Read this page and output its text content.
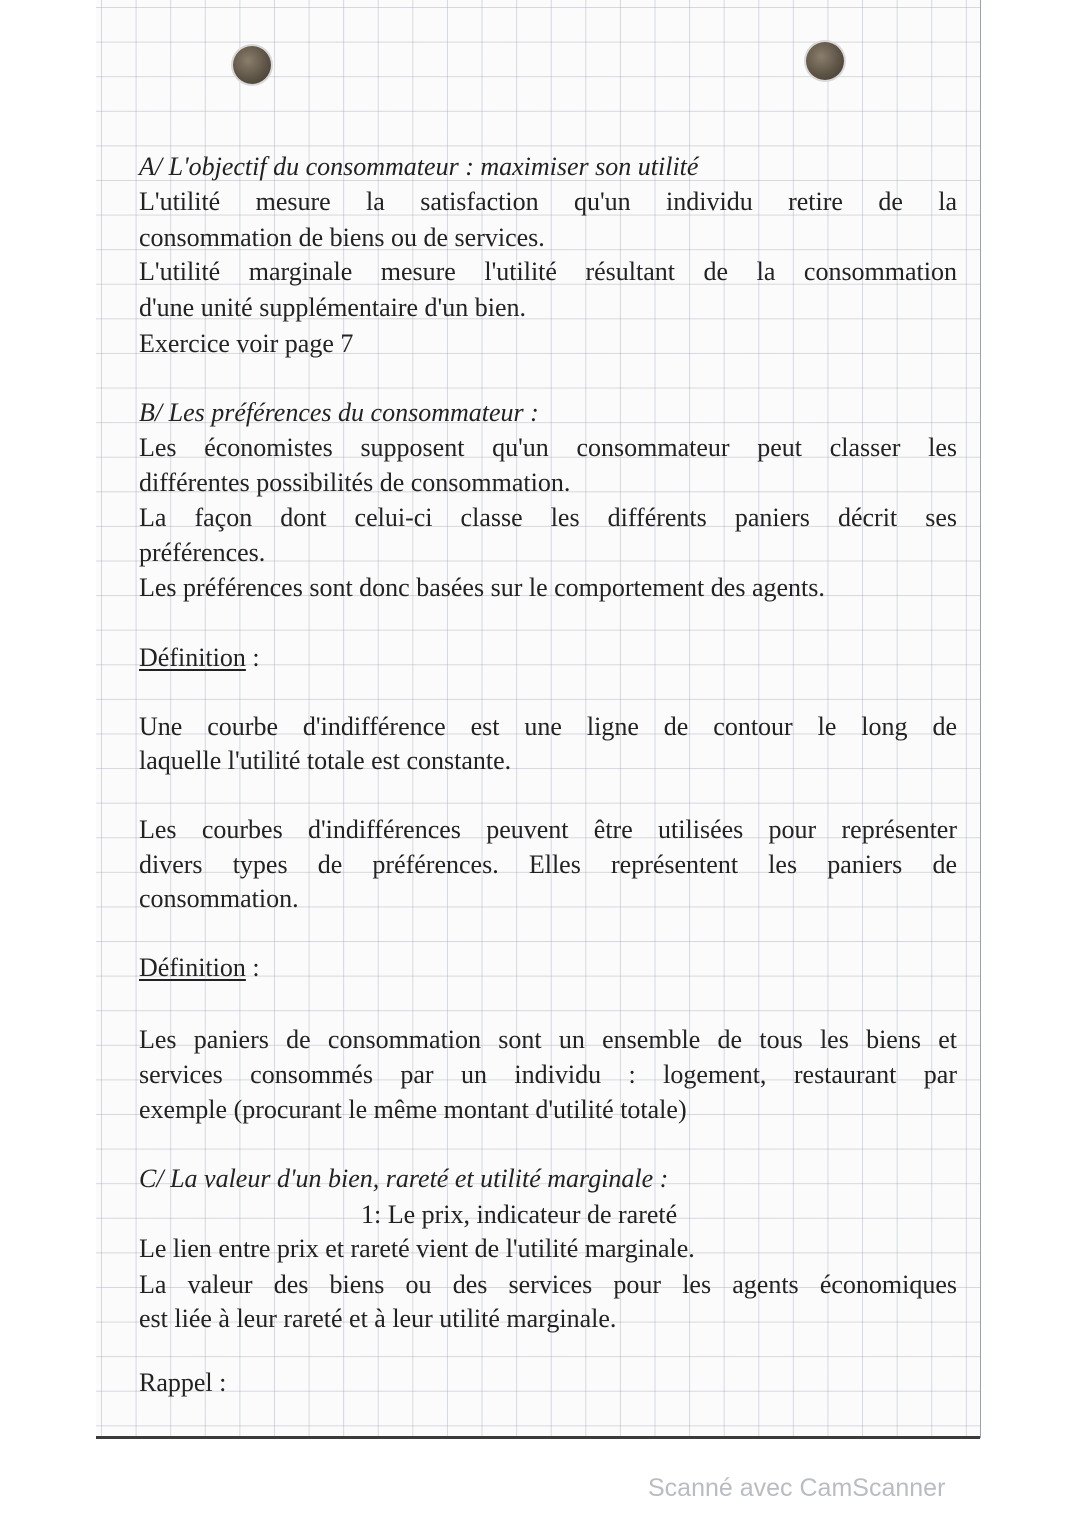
A/ L'objectif du consommateur : maximiser son utilité
L'utilité mesure la satisfaction qu'un individu retire de la
consommation de biens ou de services.
L'utilité marginale mesure l'utilité résultant de la consommation
d'une unité supplémentaire d'un bien.
Exercice voir page 7
B/ Les préférences du consommateur :
Les économistes supposent qu'un consommateur peut classer les
différentes possibilités de consommation.
La façon dont celui-ci classe les différents paniers décrit ses
préférences.
Les préférences sont donc basées sur le comportement des agents.
Définition :
Une courbe d'indifférence est une ligne de contour le long de
laquelle l'utilité totale est constante.
Les courbes d'indifférences peuvent être utilisées pour représenter
divers types de préférences. Elles représentent les paniers de
consommation.
Définition :
Les paniers de consommation sont un ensemble de tous les biens et
services consommés par un individu : logement, restaurant par
exemple (procurant le même montant d'utilité totale)
C/ La valeur d'un bien, rareté et utilité marginale :
1: Le prix, indicateur de rareté
Le lien entre prix et rareté vient de l'utilité marginale.
La valeur des biens ou des services pour les agents économiques
est liée à leur rareté et à leur utilité marginale.
Rappel :
Scanné avec CamScanner
